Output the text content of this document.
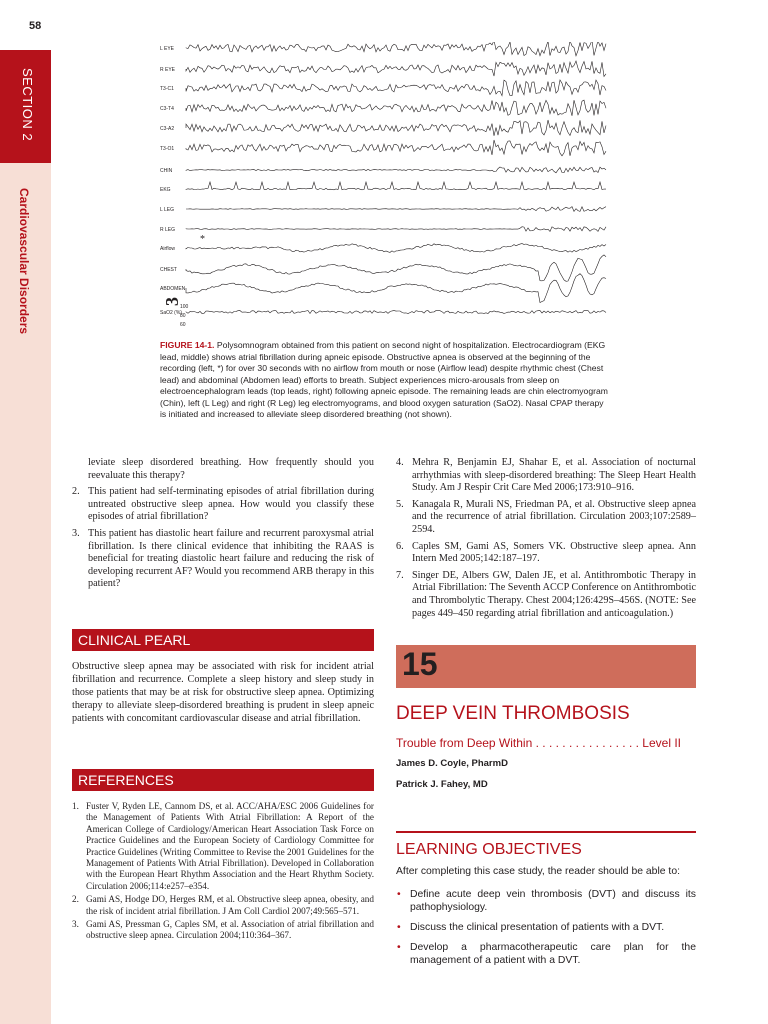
58
SECTION 2
Cardiovascular Disorders
L EYE
R EYE
T3-C1
C3-T4
C3-A2
T3-O1
CHIN
EKG
L LEG
R LEG
Airflow
CHEST
ABDOMEN
SaO2 (%)
*
3
100
80
60
FIGURE 14-1. Polysomnogram obtained from this patient on second night of hospitalization. Electrocardiogram (EKG lead, middle) shows atrial fibrillation during apneic episode. Obstructive apnea is observed at the beginning of the recording (left, *) for over 30 seconds with no airflow from mouth or nose (Airflow lead) despite rhythmic chest (Chest lead) and abdominal (Abdomen lead) efforts to breath. Subject experiences micro-arousals from sleep on electroencephalogram leads (top leads, right) following apneic episode. The remaining leads are chin electromyogram (Chin), left (L Leg) and right (R Leg) leg electromyograms, and blood oxygen saturation (SaO2). Nasal CPAP therapy is initiated and increased to alleviate sleep disordered breathing (not shown).
leviate sleep disordered breathing. How frequently should you reevaluate this therapy?
2. This patient had self-terminating episodes of atrial fibrillation during untreated obstructive sleep apnea. How would you classify these episodes of atrial fibrillation?
3. This patient has diastolic heart failure and recurrent paroxysmal atrial fibrillation. Is there clinical evidence that inhibiting the RAAS is beneficial for treating diastolic heart failure and reducing the risk of developing recurrent AF? Would you recommend ARB therapy in this patient?
4. Mehra R, Benjamin EJ, Shahar E, et al. Association of nocturnal arrhythmias with sleep-disordered breathing: The Sleep Heart Health Study. Am J Respir Crit Care Med 2006;173:910–916.
5. Kanagala R, Murali NS, Friedman PA, et al. Obstructive sleep apnea and the recurrence of atrial fibrillation. Circulation 2003;107:2589–2594.
6. Caples SM, Gami AS, Somers VK. Obstructive sleep apnea. Ann Intern Med 2005;142:187–197.
7. Singer DE, Albers GW, Dalen JE, et al. Antithrombotic Therapy in Atrial Fibrillation: The Seventh ACCP Conference on Antithrombotic and Thrombolytic Therapy. Chest 2004;126:429S–456S. (NOTE: See pages 449–450 regarding atrial fibrillation and anticoagulation.)
CLINICAL PEARL
Obstructive sleep apnea may be associated with risk for incident atrial fibrillation and recurrence. Complete a sleep history and sleep study in those patients that may be at risk for obstructive sleep apnea. Optimizing therapy to alleviate sleep-disordered breathing is prudent in sleep apneic patients with concomitant cardiovascular disease and atrial fibrillation.
REFERENCES
1. Fuster V, Ryden LE, Cannom DS, et al. ACC/AHA/ESC 2006 Guidelines for the Management of Patients With Atrial Fibrillation: A Report of the American College of Cardiology/American Heart Association Task Force on Practice Guidelines and the European Society of Cardiology Committee for Practice Guidelines (Writing Committee to Revise the 2001 Guidelines for the Management of Patients With Atrial Fibrillation). Developed in Collaboration with the European Heart Rhythm Association and the Heart Rhythm Society. Circulation 2006;114:e257–e354.
2. Gami AS, Hodge DO, Herges RM, et al. Obstructive sleep apnea, obesity, and the risk of incident atrial fibrillation. J Am Coll Cardiol 2007;49:565–571.
3. Gami AS, Pressman G, Caples SM, et al. Association of atrial fibrillation and obstructive sleep apnea. Circulation 2004;110:364–367.
15
DEEP VEIN THROMBOSIS
Trouble from Deep Within . . . . . . . . . . . . . . . . Level II
James D. Coyle, PharmD
Patrick J. Fahey, MD
LEARNING OBJECTIVES
After completing this case study, the reader should be able to:
• Define acute deep vein thrombosis (DVT) and discuss its pathophysiology.
• Discuss the clinical presentation of patients with a DVT.
• Develop a pharmacotherapeutic care plan for the management of a patient with a DVT.
